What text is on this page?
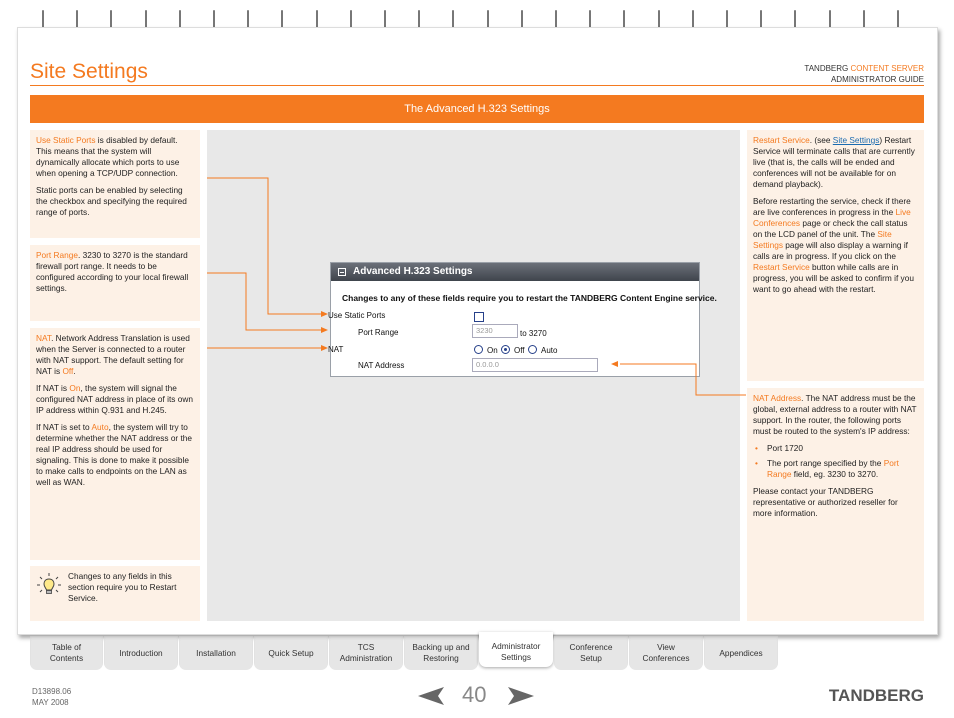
Site Settings	TANDBERG CONTENT SERVER
ADMINISTRATOR GUIDE
The Advanced H.323 Settings

Use Static Ports is disabled by default. This means that the system will dynamically allocate which ports to use when opening a TCP/UDP connection.

Static ports can be enabled by selecting the checkbox and specifying the required range of ports.

Port Range. 3230 to 3270 is the standard firewall port range. It needs to be configured according to your local firewall settings.

NAT. Network Address Translation is used when the Server is connected to a router with NAT support. The default setting for NAT is Off.

If NAT is On, the system will signal the configured NAT address in place of its own IP address within Q.931 and H.245.

If NAT is set to Auto, the system will try to determine whether the NAT address or the real IP address should be used for signaling. This is done to make it possible to make calls to endpoints on the LAN as well as WAN.

Changes to any fields in this section require you to Restart Service.
Advanced H.323 Settings
Changes to any of these fields require you to restart the TANDBERG Content Engine service.
Use Static Ports
Port Range	3230	to 3270
NAT	On Off Auto
NAT Address	0.0.0.0

Restart Service. (see Site Settings) Restart Service will terminate calls that are currently live (that is, the calls will be ended and conferences will not be available for on demand playback).

Before restarting the service, check if there are live conferences in progress in the Live Conferences page or check the call status on the LCD panel of the unit. The Site Settings page will also display a warning if calls are in progress. If you click on the Restart Service button while calls are in progress, you will be asked to confirm if you want to go ahead with the restart.

NAT Address. The NAT address must be the global, external address to a router with NAT support. In the router, the following ports must be routed to the system's IP address:

• Port 1720
• The port range specified by the Port Range field, eg. 3230 to 3270.

Please contact your TANDBERG representative or authorized reseller for more information.

Table of
Contents
Introduction	Installation	Quick Setup
TCS
Administration
Backing up and
Restoring
Administrator
Settings
Conference
Setup
View
Conferences
Appendices
D13898.06
MAY 2008	40	TANDBERG
